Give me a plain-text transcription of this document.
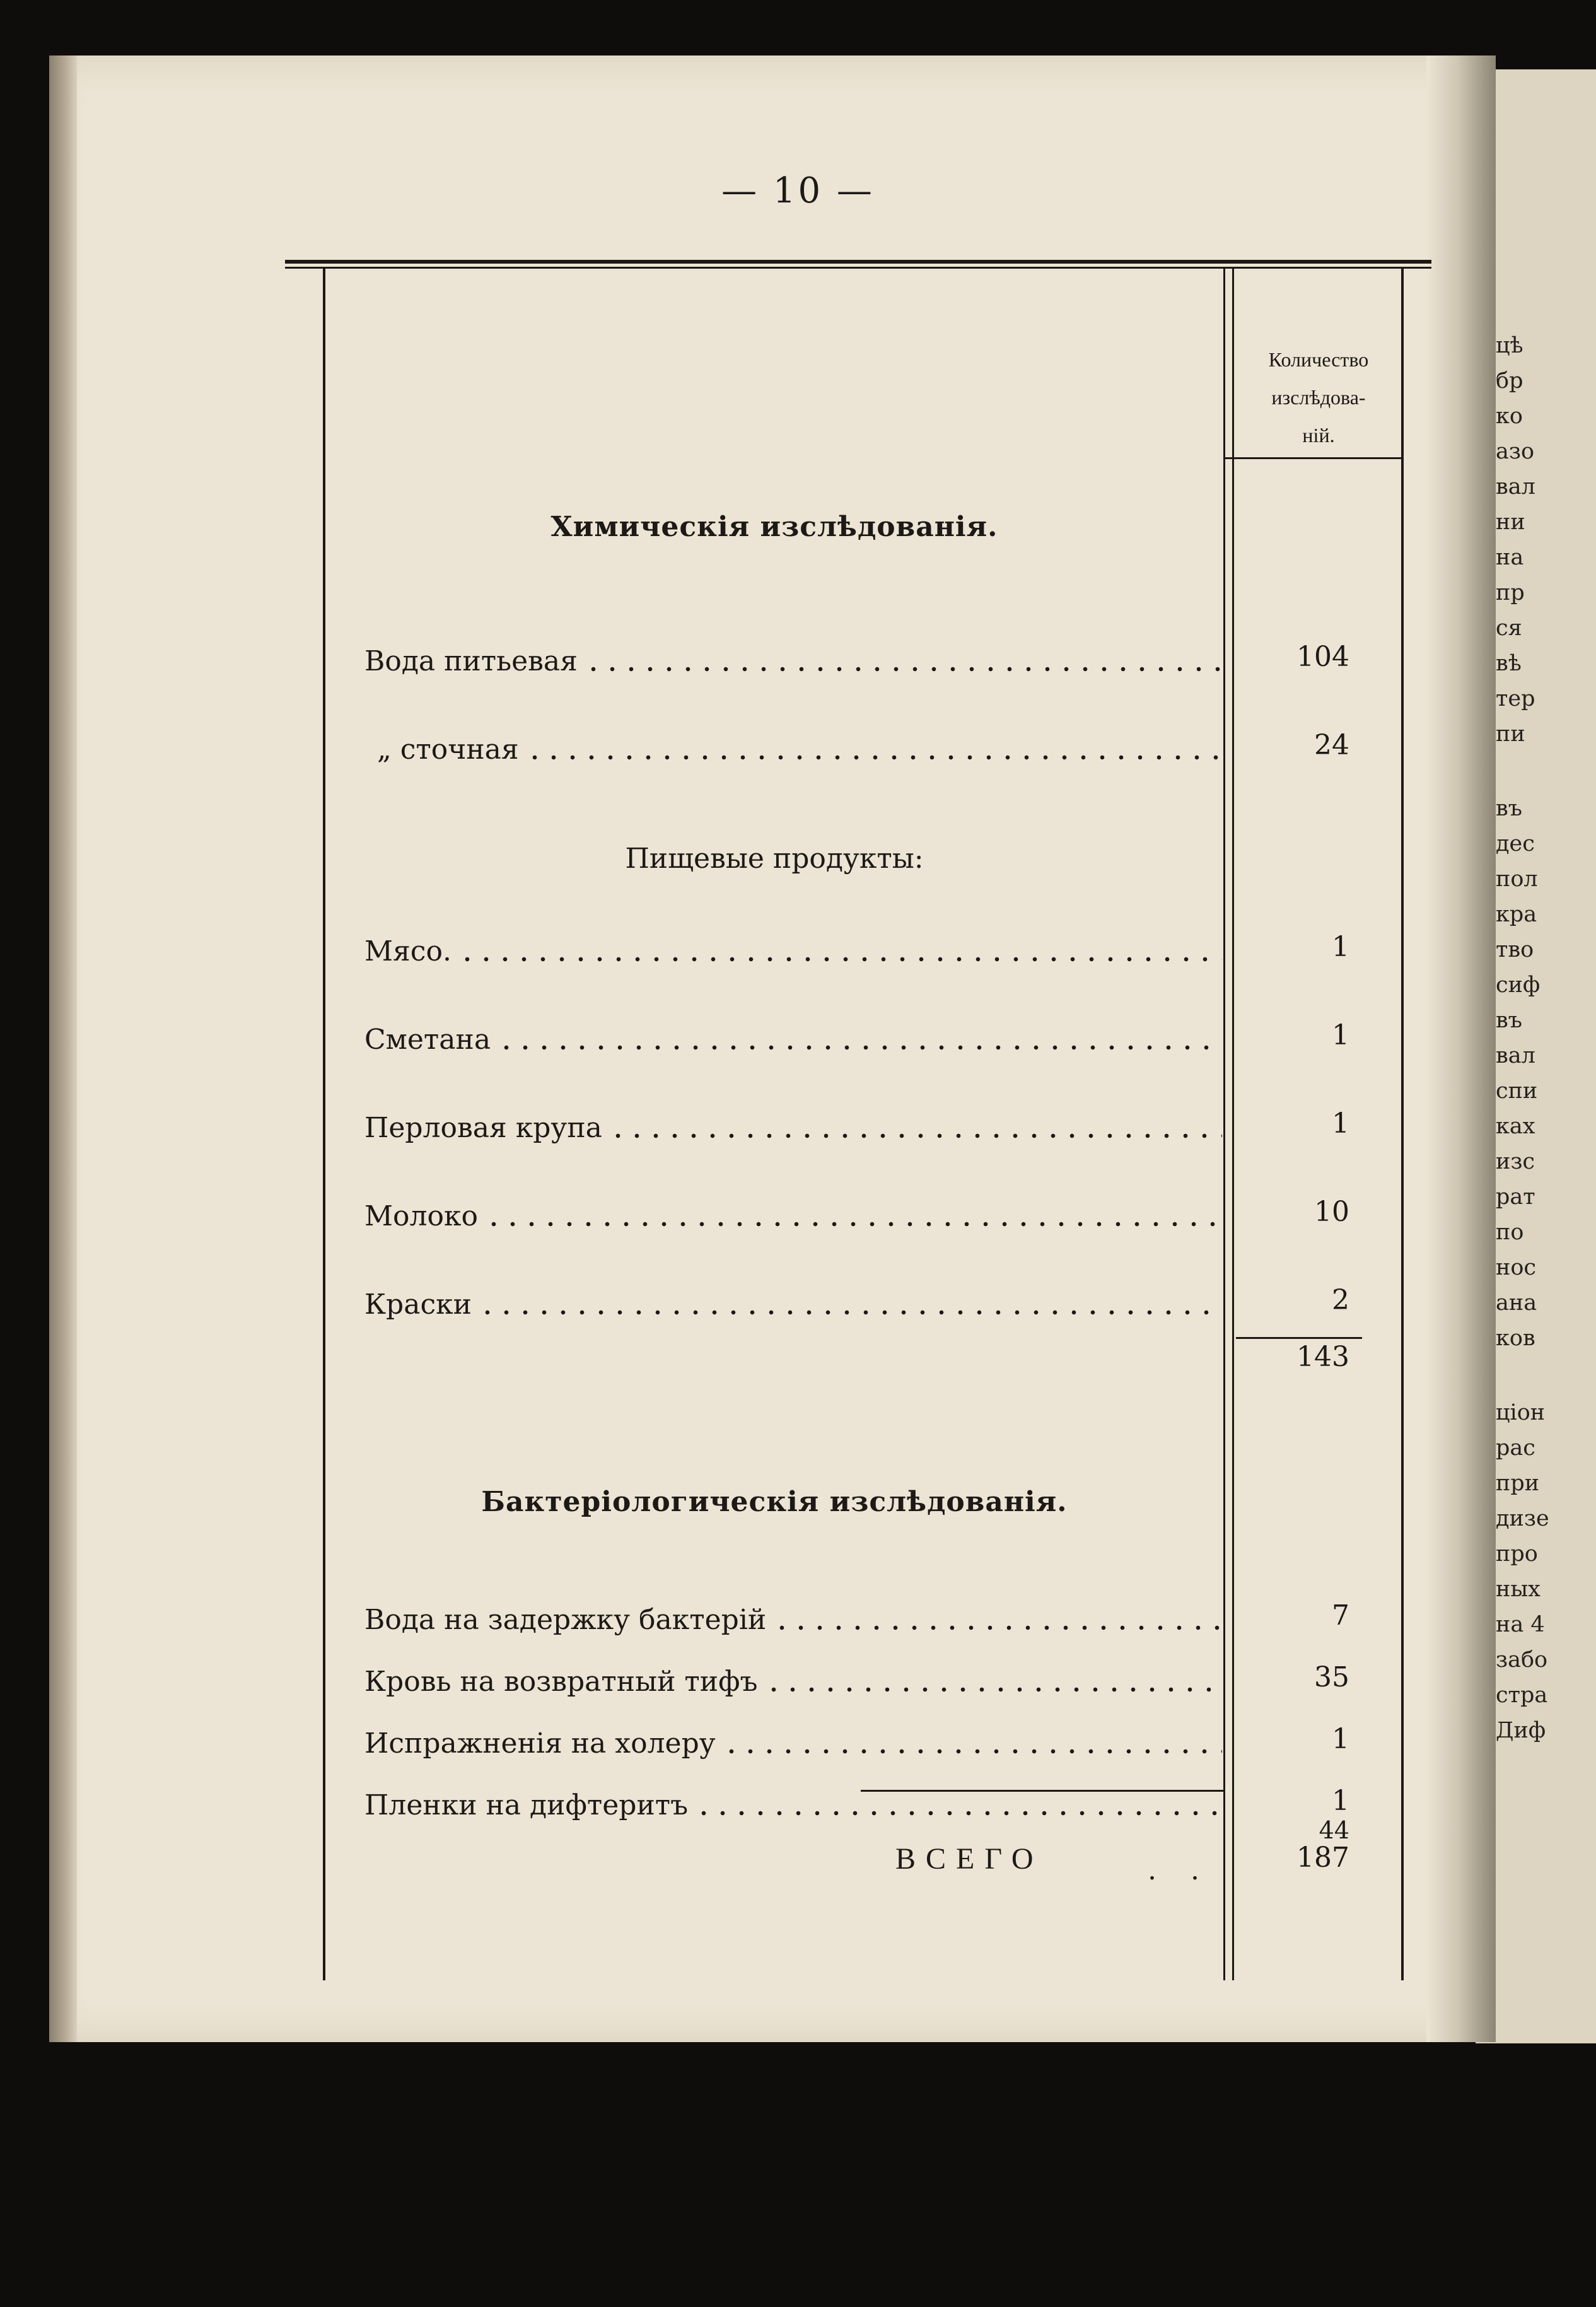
цѣ
бр
ко
азо
вал
ни
на
пр
ся
вѣ
тер
пи
въ
дес
пол
кра
тво
сиф
въ
вал
спи
ках
изс
рат
по
нос
ана
ков
ціон
рас
при
дизе
про
ных
на 4
забо
стра
Диф
— 10 —
Количество
изслѣдова-
ній.
Химическія изслѣдованія.
Вода питьевая	104
„ сточная	24
Пищевые продукты:
Мясо.	1
Сметана	1
Перловая крупа	1
Молоко	10
Краски	2
143
Бактеріологическія изслѣдованія.
Вода на задержку бактерій	7
Кровь на возвратный тифъ	35
Испражненія на холеру	1
Пленки на дифтеритъ	1
44
ВСЕГО	. .	187
